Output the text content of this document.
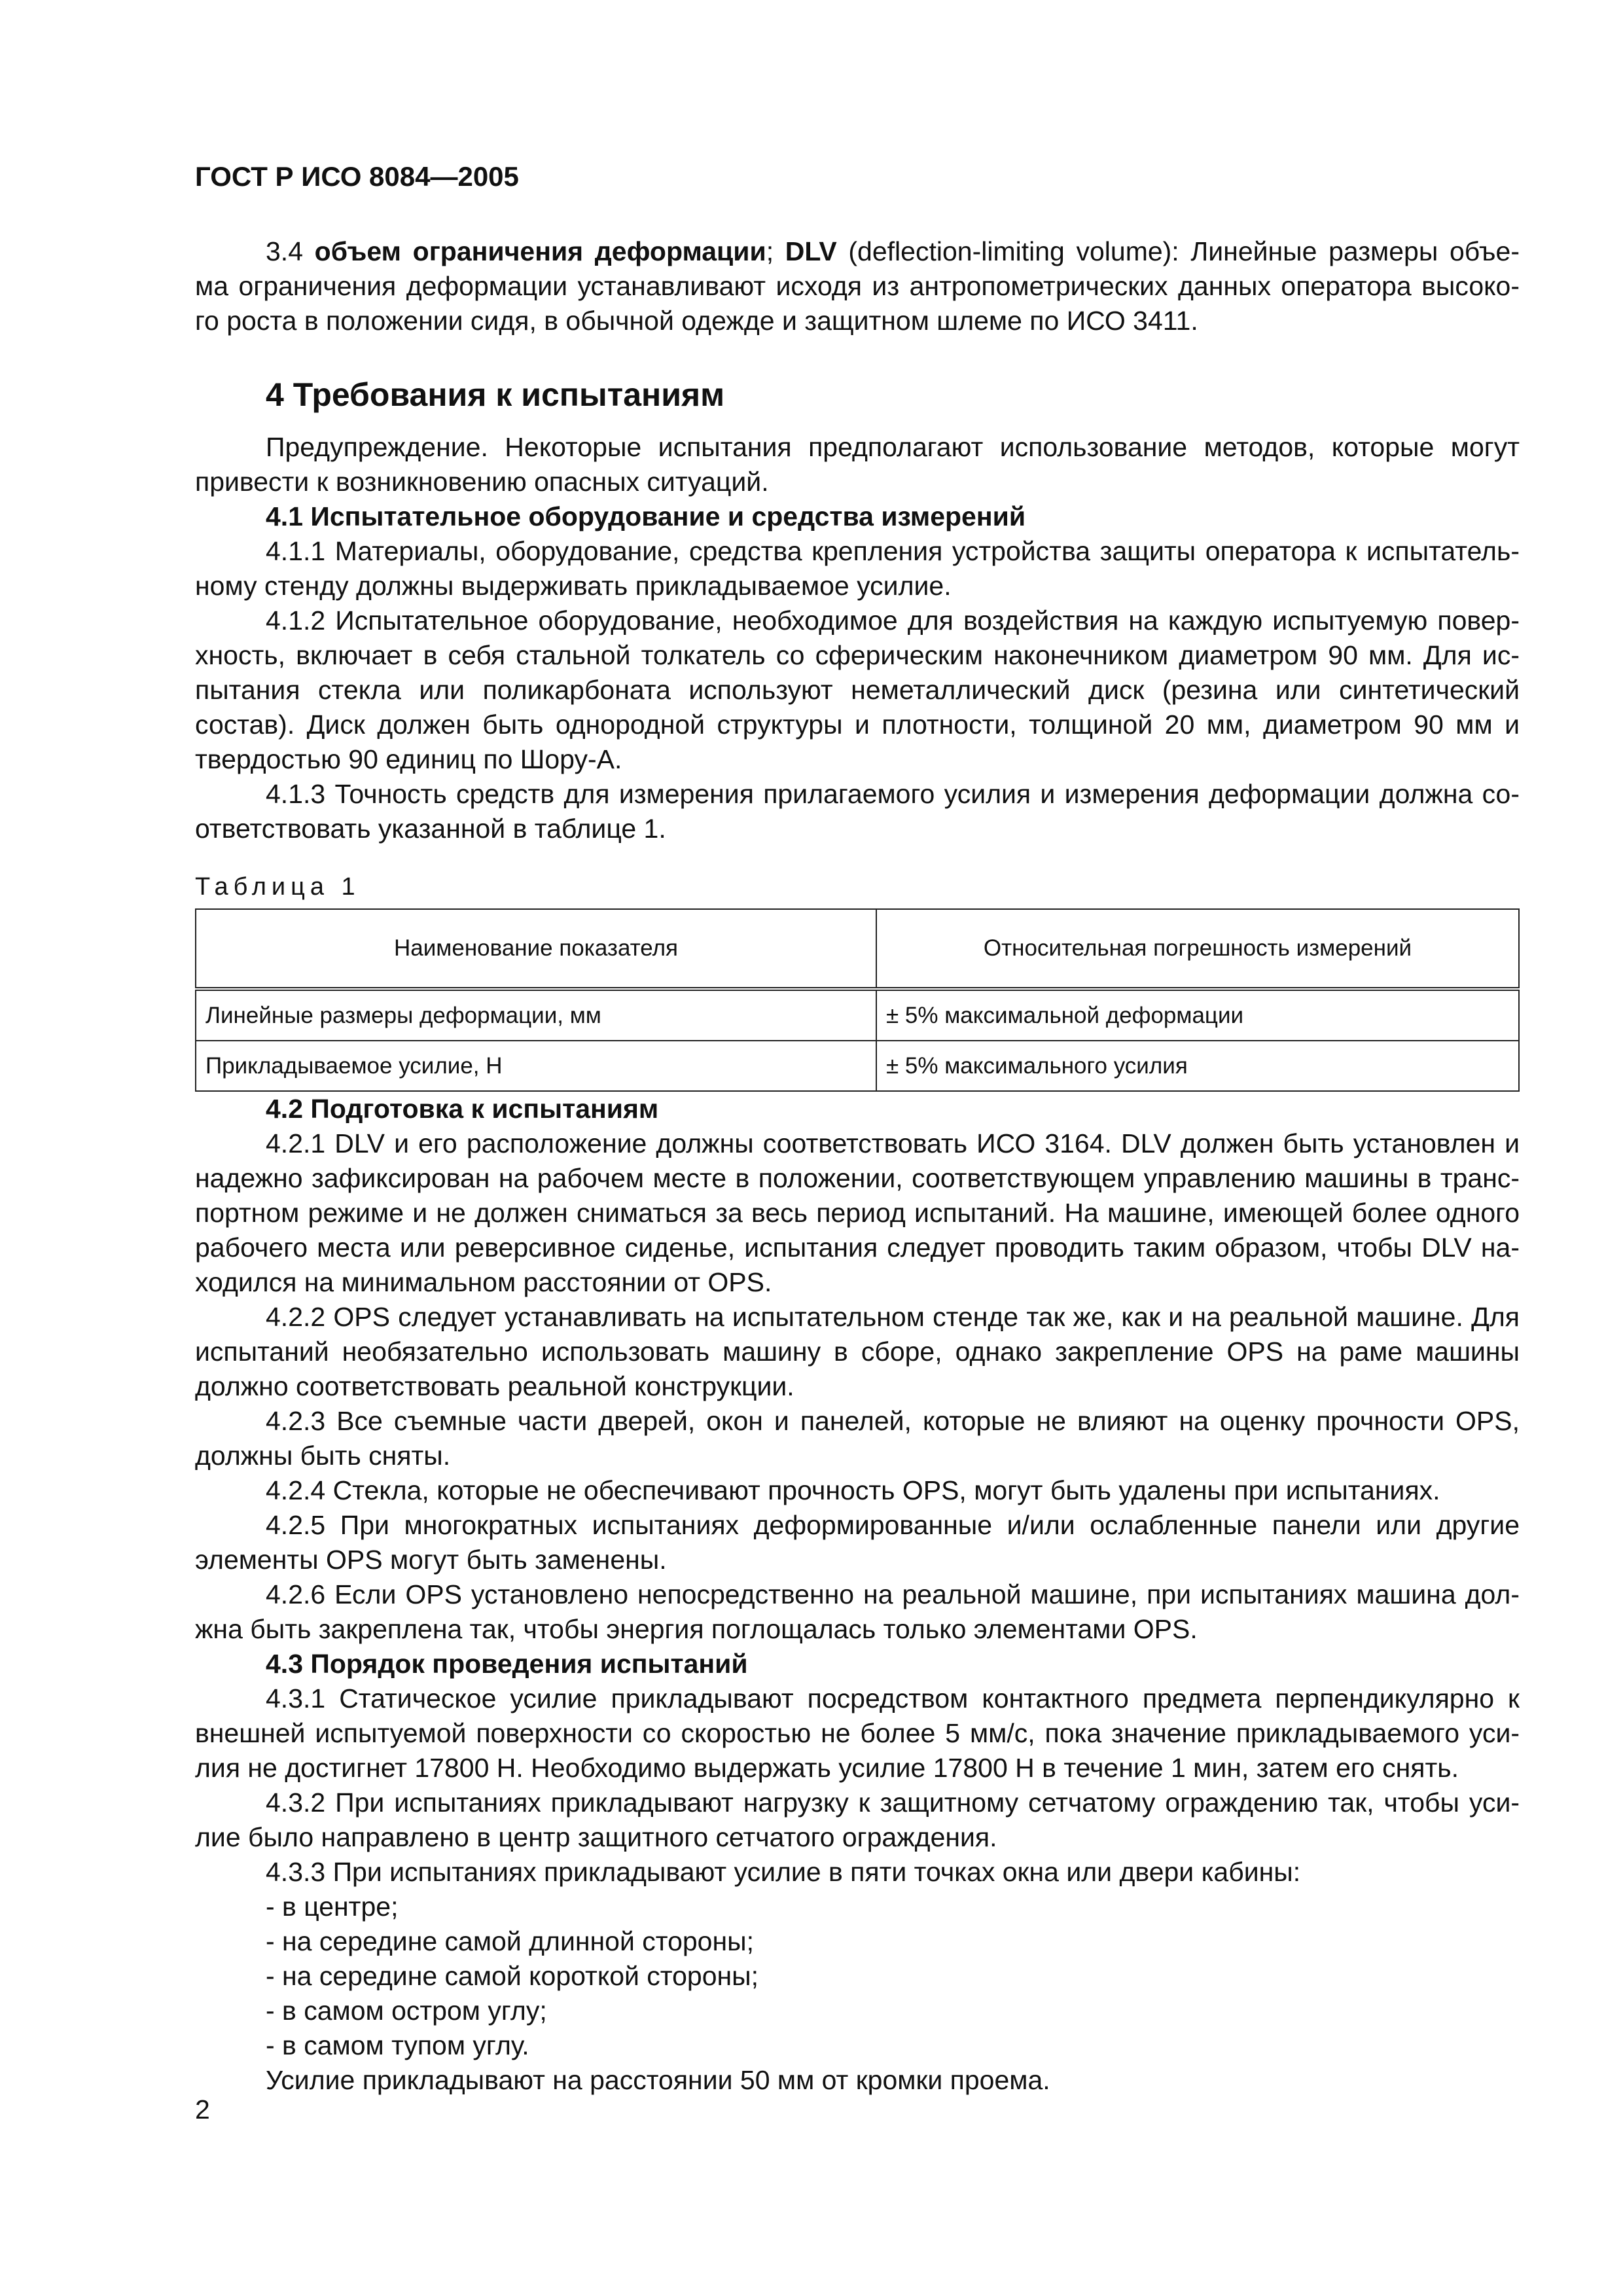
ГОСТ Р ИСО 8084—2005
3.4 объем ограничения деформации; DLV (deflection-limiting volume): Линейные размеры объе-
ма ограничения деформации устанавливают исходя из антропометрических данных оператора высоко-
го роста в положении сидя, в обычной одежде и защитном шлеме по ИСО 3411.
4 Требования к испытаниям
Предупреждение. Некоторые испытания предполагают использование методов, которые могут
привести к возникновению опасных ситуаций.
4.1 Испытательное оборудование и средства измерений
4.1.1 Материалы, оборудование, средства крепления устройства защиты оператора к испытатель-
ному стенду должны выдерживать прикладываемое усилие.
4.1.2 Испытательное оборудование, необходимое для воздействия на каждую испытуемую повер-
хность, включает в себя стальной толкатель со сферическим наконечником диаметром 90 мм. Для ис-
пытания стекла или поликарбоната используют неметаллический диск (резина или синтетический
состав). Диск должен быть однородной структуры и плотности, толщиной 20 мм, диаметром 90 мм и
твердостью 90 единиц по Шору-А.
4.1.3 Точность средств для измерения прилагаемого усилия и измерения деформации должна со-
ответствовать указанной в таблице 1.
Таблица 1
Наименование показателя	Относительная погрешность измерений
Линейные размеры деформации, мм	± 5% максимальной деформации
Прикладываемое усилие, Н	± 5% максимального усилия
4.2 Подготовка к испытаниям
4.2.1 DLV и его расположение должны соответствовать ИСО 3164. DLV должен быть установлен и
надежно зафиксирован на рабочем месте в положении, соответствующем управлению машины в транс-
портном режиме и не должен сниматься за весь период испытаний. На машине, имеющей более одного
рабочего места или реверсивное сиденье, испытания следует проводить таким образом, чтобы DLV на-
ходился на минимальном расстоянии от OPS.
4.2.2 OPS следует устанавливать на испытательном стенде так же, как и на реальной машине. Для
испытаний необязательно использовать машину в сборе, однако закрепление OPS на раме машины
должно соответствовать реальной конструкции.
4.2.3 Все съемные части дверей, окон и панелей, которые не влияют на оценку прочности OPS,
должны быть сняты.
4.2.4 Стекла, которые не обеспечивают прочность OPS, могут быть удалены при испытаниях.
4.2.5 При многократных испытаниях деформированные и/или ослабленные панели или другие
элементы OPS могут быть заменены.
4.2.6 Если OPS установлено непосредственно на реальной машине, при испытаниях машина дол-
жна быть закреплена так, чтобы энергия поглощалась только элементами OPS.
4.3 Порядок проведения испытаний
4.3.1 Статическое усилие прикладывают посредством контактного предмета перпендикулярно к
внешней испытуемой поверхности со скоростью не более 5 мм/с, пока значение прикладываемого уси-
лия не достигнет 17800 Н. Необходимо выдержать усилие 17800 Н в течение 1 мин, затем его снять.
4.3.2 При испытаниях прикладывают нагрузку к защитному сетчатому ограждению так, чтобы уси-
лие было направлено в центр защитного сетчатого ограждения.
4.3.3 При испытаниях прикладывают усилие в пяти точках окна или двери кабины:
- в центре;
- на середине самой длинной стороны;
- на середине самой короткой стороны;
- в самом остром углу;
- в самом тупом углу.
Усилие прикладывают на расстоянии 50 мм от кромки проема.
2
